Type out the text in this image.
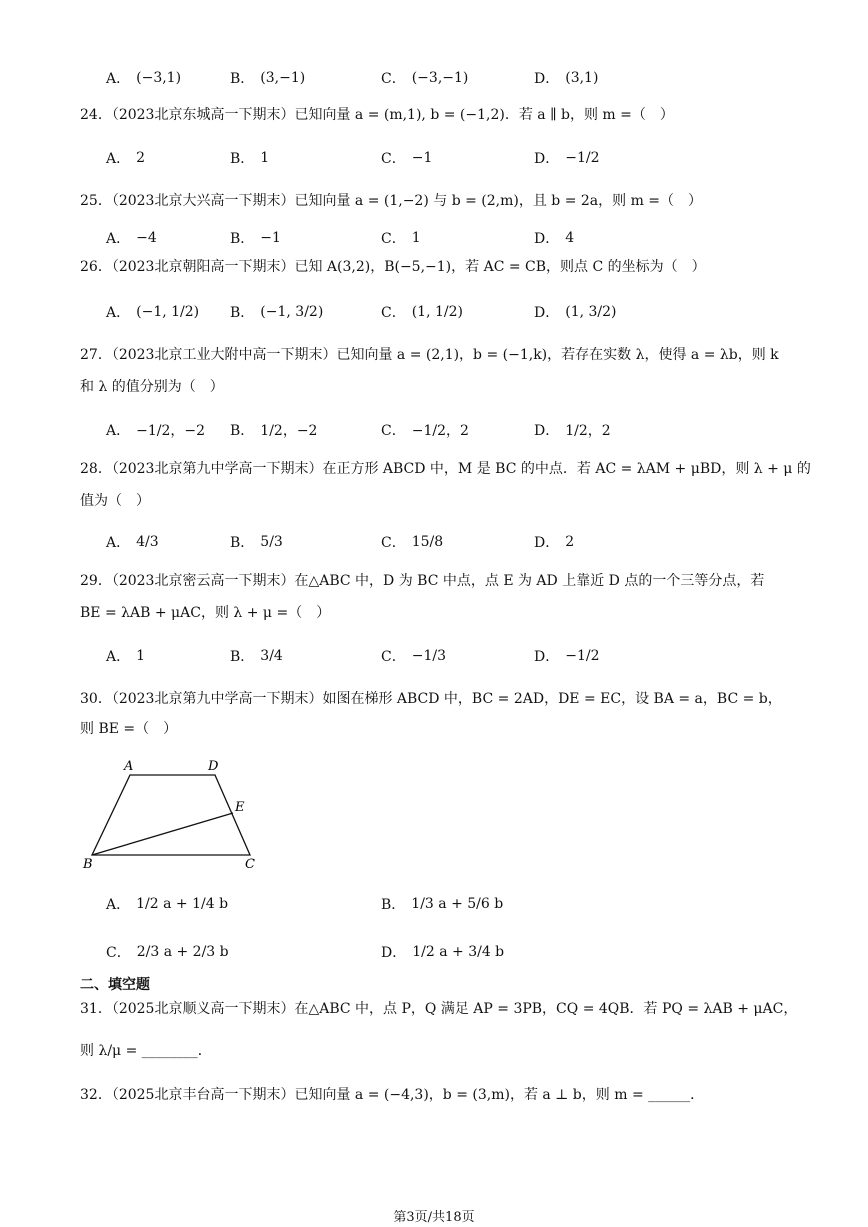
A． (−3,1)	B． (3,−1)	C． (−3,−1)	D． (3,1)
24．（2023北京东城高一下期末）已知向量 a = (m,1), b = (−1,2)．若 a ∥ b，则 m =（　）
A． 2	B． 1	C． −1	D． −1/2
25．（2023北京大兴高一下期末）已知向量 a = (1,−2) 与 b = (2,m)，且 b = 2a，则 m =（　）
A． −4	B． −1	C． 1	D． 4
26．（2023北京朝阳高一下期末）已知 A(3,2)，B(−5,−1)，若 AC = CB，则点 C 的坐标为（　）
A． (−1, 1/2) B． (−1, 3/2)	C． (1, 1/2)	D． (1, 3/2)
27．（2023北京工业大附中高一下期末）已知向量 a = (2,1)，b = (−1,k)，若存在实数 λ，使得 a = λb，则 k
和 λ 的值分别为（　）
A． −1/2，−2 B． 1/2，−2	C． −1/2，2	D． 1/2，2
28．（2023北京第九中学高一下期末）在正方形 ABCD 中，M 是 BC 的中点．若 AC = λAM + μBD，则 λ + μ 的
值为（　）
A． 4/3	B． 5/3	C． 15/8	D． 2
29．（2023北京密云高一下期末）在△ABC 中，D 为 BC 中点，点 E 为 AD 上靠近 D 点的一个三等分点，若
BE = λAB + μAC，则 λ + μ =（　）
A． 1	B． 3/4	C． −1/3	D． −1/2
30．（2023北京第九中学高一下期末）如图在梯形 ABCD 中，BC = 2AD，DE = EC，设 BA = a，BC = b，
则 BE =（　）
A	D
E
B	C
A． 1/2 a + 1/4 b	B． 1/3 a + 5/6 b
C． 2/3 a + 2/3 b	D． 1/2 a + 3/4 b
二、填空题
31．（2025北京顺义高一下期末）在△ABC 中，点 P，Q 满足 AP = 3PB，CQ = 4QB．若 PQ = λAB + μAC，
则 λ/μ = ________．
32．（2025北京丰台高一下期末）已知向量 a = (−4,3)，b = (3,m)，若 a ⊥ b，则 m = ______．
第3页/共18页
